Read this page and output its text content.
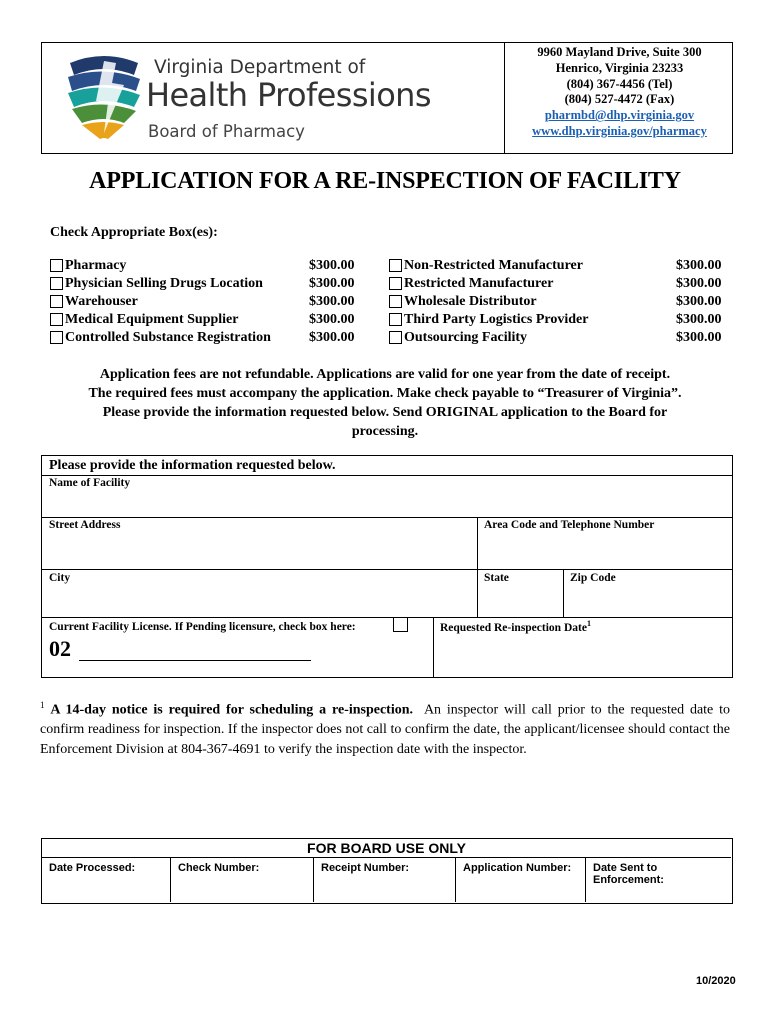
Virginia Department of
Health Professions
Board of Pharmacy
9960 Mayland Drive, Suite 300
Henrico, Virginia 23233
(804) 367-4456 (Tel)
(804) 527-4472 (Fax)
pharmbd@dhp.virginia.gov
www.dhp.virginia.gov/pharmacy
APPLICATION FOR A RE-INSPECTION OF FACILITY
Check Appropriate Box(es):
Pharmacy	$300.00
Physician Selling Drugs Location	$300.00
Warehouser	$300.00
Medical Equipment Supplier	$300.00
Controlled Substance Registration	$300.00
Non-Restricted Manufacturer	$300.00
Restricted Manufacturer	$300.00
Wholesale Distributor	$300.00
Third Party Logistics Provider	$300.00
Outsourcing Facility	$300.00
Application fees are not refundable. Applications are valid for one year from the date of receipt.
The required fees must accompany the application. Make check payable to “Treasurer of Virginia”.
Please provide the information requested below. Send ORIGINAL application to the Board for
processing.
Please provide the information requested below.
Name of Facility
Street Address	Area Code and Telephone Number
City	State	Zip Code
Current Facility License. If Pending licensure, check box here:	Requested Re-inspection Date$^1$
02
$^1$ A 14-day notice is required for scheduling a re-inspection. An inspector will call prior to the requested date to confirm readiness for inspection. If the inspector does not call to confirm the date, the applicant/licensee should contact the Enforcement Division at 804-367-4691 to verify the inspection date with the inspector.
FOR BOARD USE ONLY
Date Processed:	Check Number:	Receipt Number:	Application Number:	Date Sent to Enforcement:
10/2020
